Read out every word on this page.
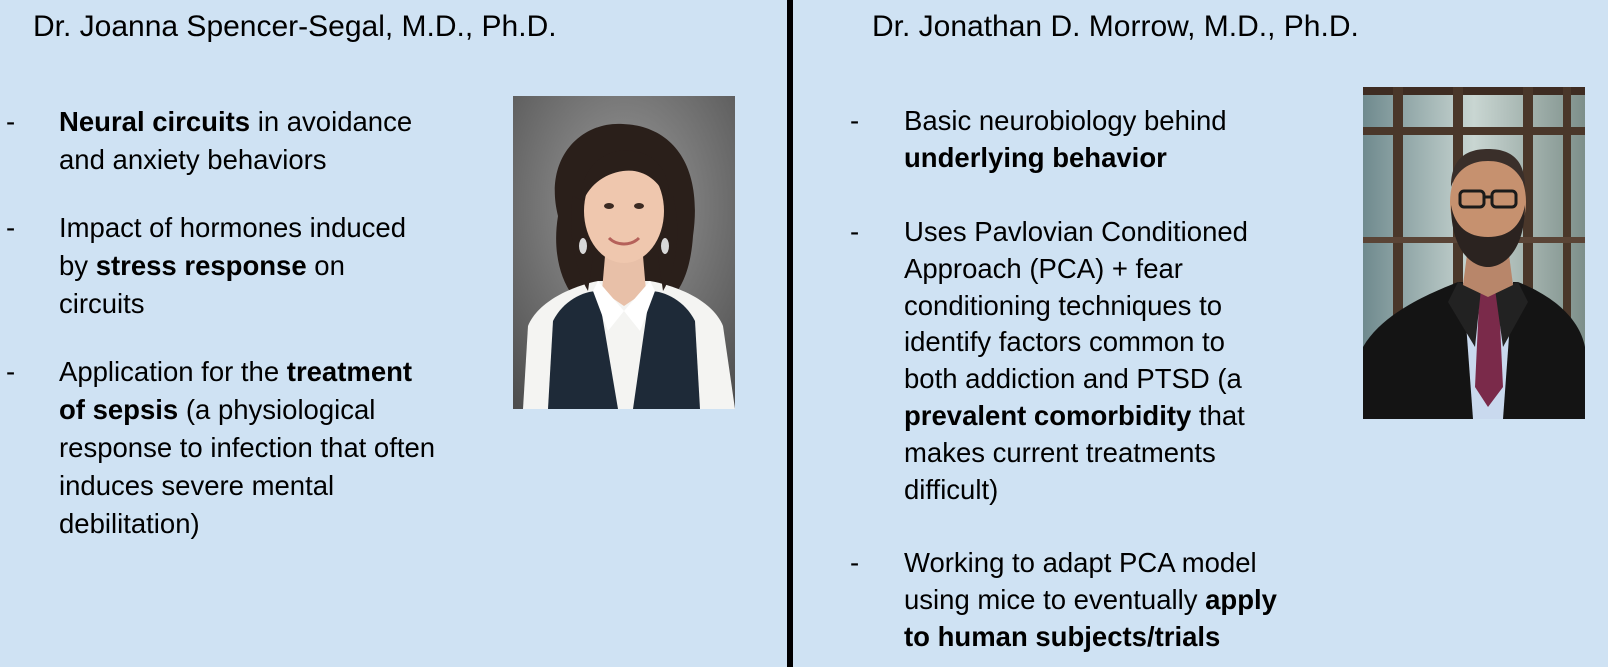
Dr. Joanna Spencer-Segal, M.D., Ph.D.
- Neural circuits in avoidance
and anxiety behaviors
- Impact of hormones induced
by stress response on
circuits
- Application for the treatment
of sepsis (a physiological
response to infection that often
induces severe mental
debilitation)
Dr. Jonathan D. Morrow, M.D., Ph.D.
- Basic neurobiology behind
underlying behavior
- Uses Pavlovian Conditioned
Approach (PCA) + fear
conditioning techniques to
identify factors common to
both addiction and PTSD (a
prevalent comorbidity that
makes current treatments
difficult)
- Working to adapt PCA model
using mice to eventually apply
to human subjects/trials
